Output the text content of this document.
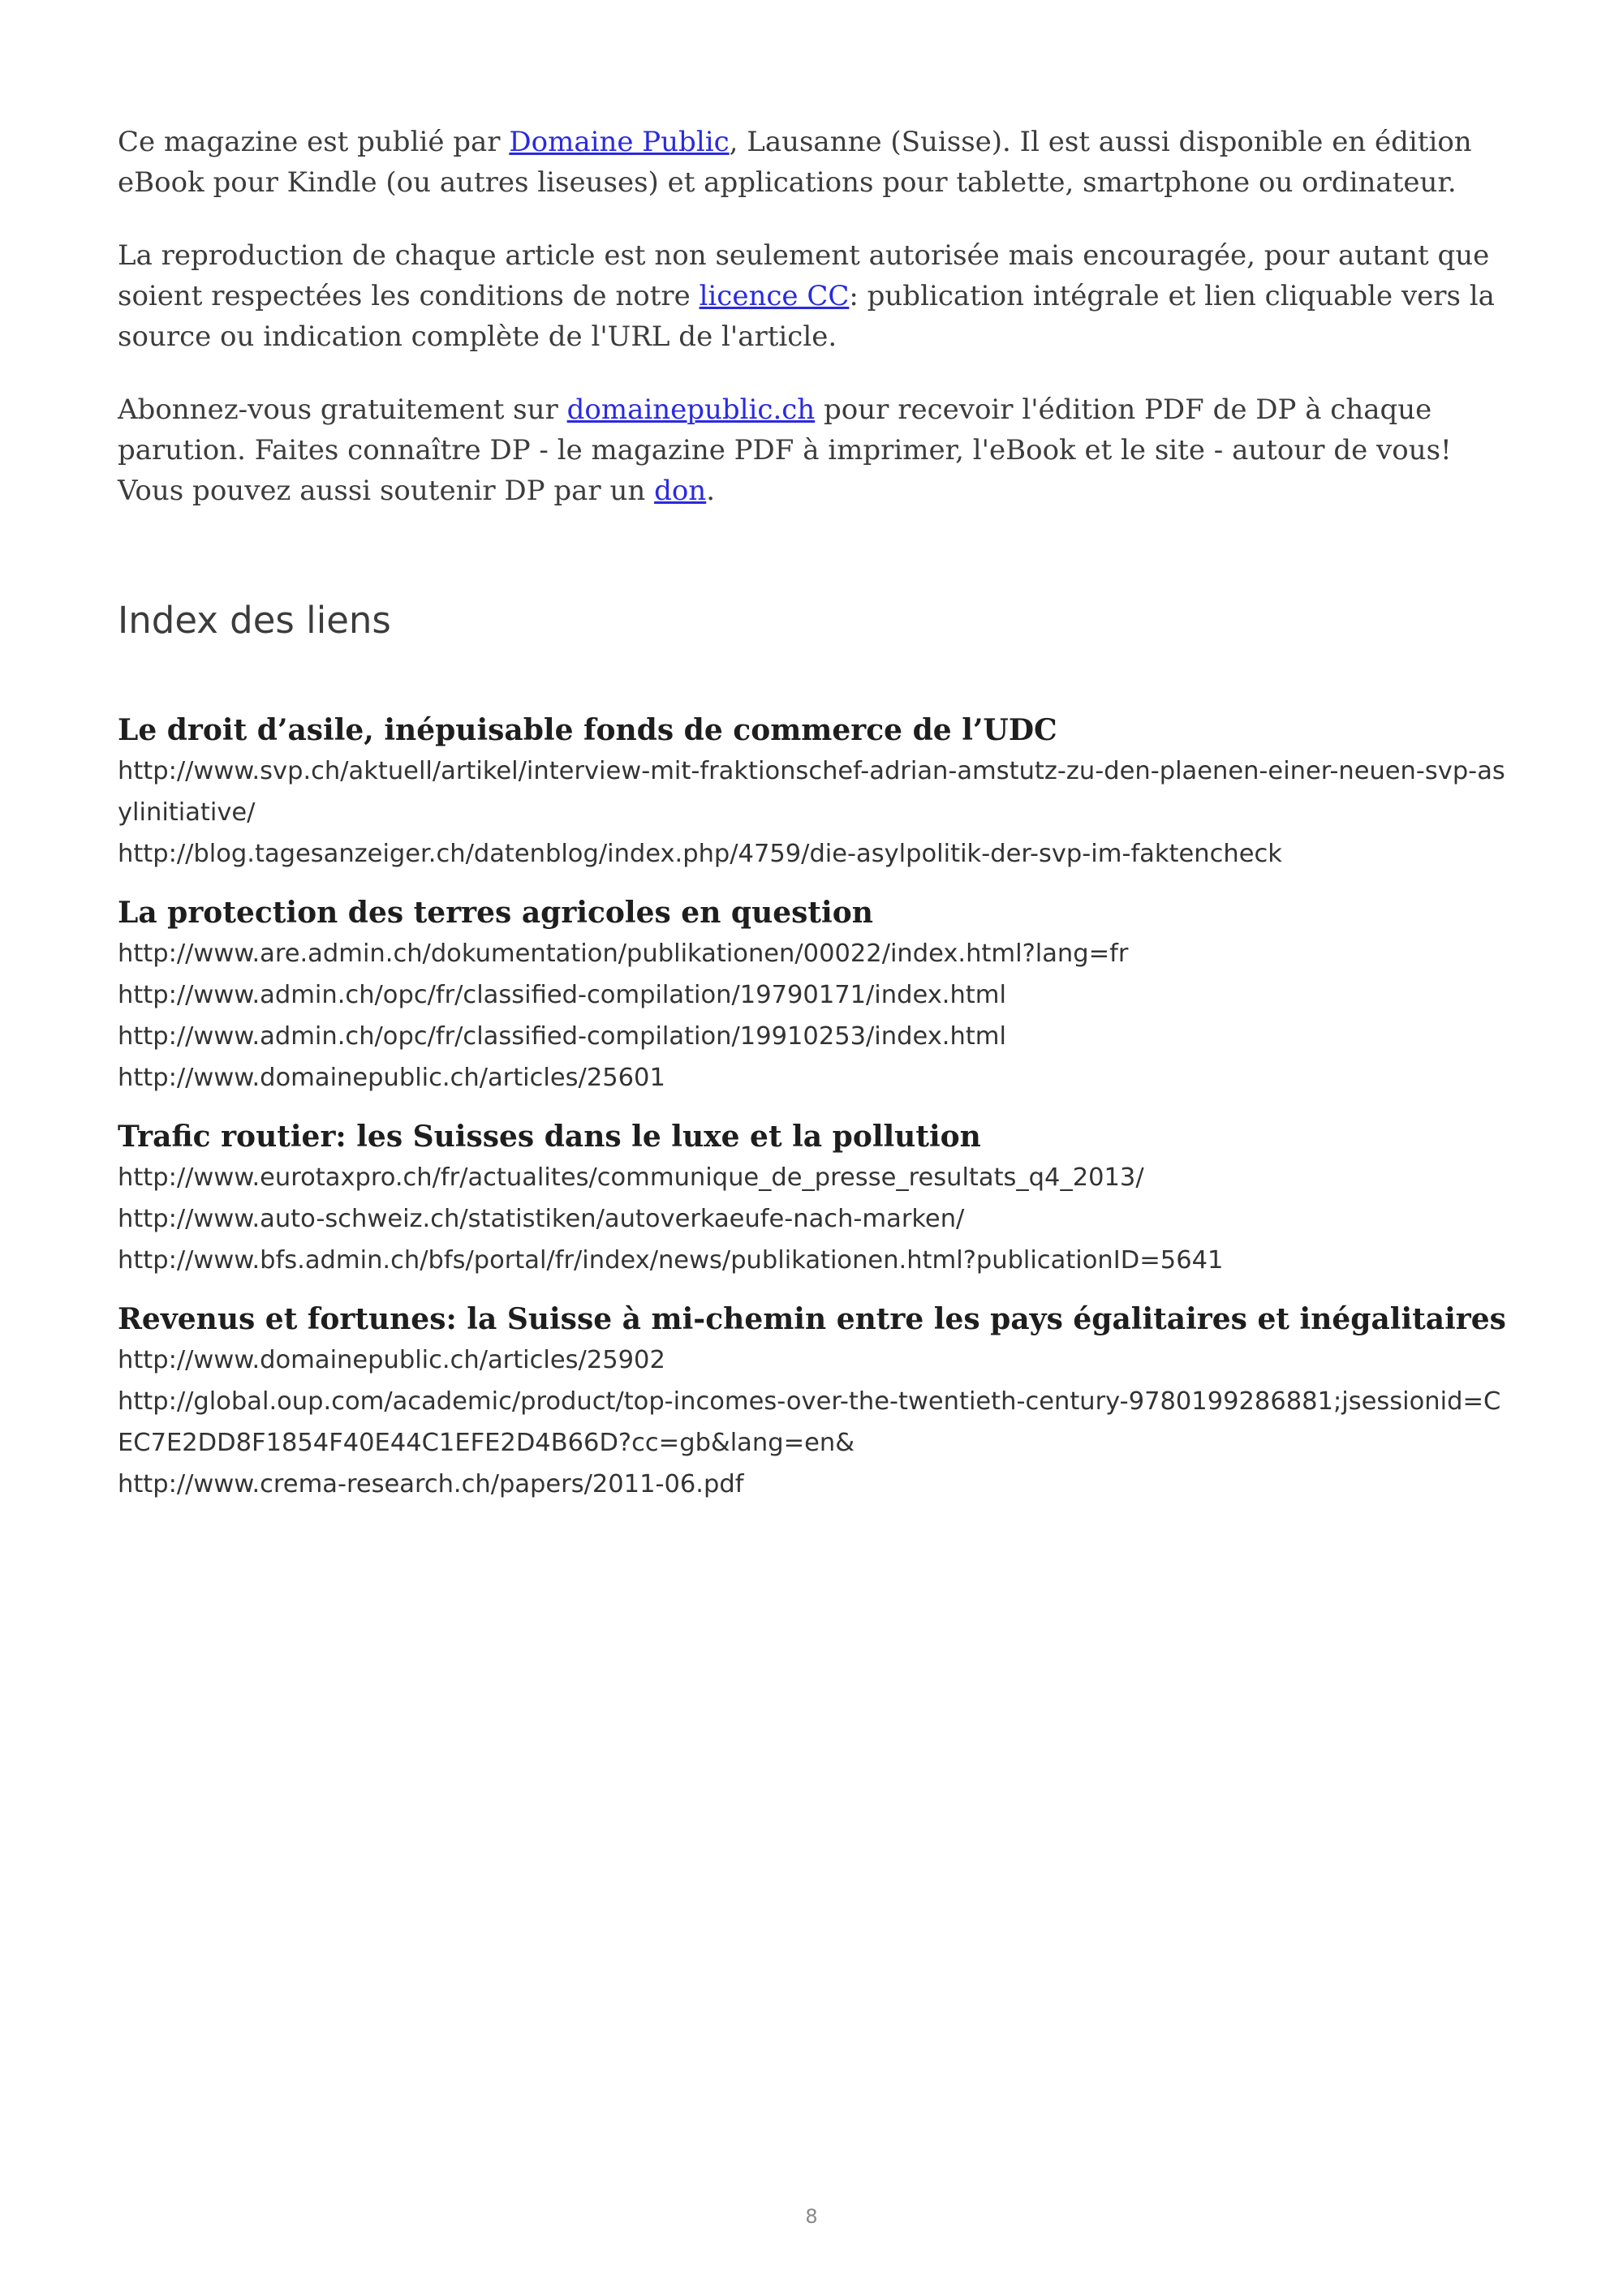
Ce magazine est publié par Domaine Public, Lausanne (Suisse). Il est aussi disponible en édition eBook pour Kindle (ou autres liseuses) et applications pour tablette, smartphone ou ordinateur.

La reproduction de chaque article est non seulement autorisée mais encouragée, pour autant que soient respectées les conditions de notre licence CC: publication intégrale et lien cliquable vers la source ou indication complète de l'URL de l'article.

Abonnez-vous gratuitement sur domainepublic.ch pour recevoir l'édition PDF de DP à chaque parution. Faites connaître DP - le magazine PDF à imprimer, l'eBook et le site - autour de vous! Vous pouvez aussi soutenir DP par un don.

Index des liens
Le droit d’asile, inépuisable fonds de commerce de l’UDC
http://www.svp.ch/aktuell/artikel/interview-mit-fraktionschef-adrian-amstutz-zu-den-plaenen-einer-neuen-svp-asylinitiative/
http://blog.tagesanzeiger.ch/datenblog/index.php/4759/die-asylpolitik-der-svp-im-faktencheck
La protection des terres agricoles en question
http://www.are.admin.ch/dokumentation/publikationen/00022/index.html?lang=fr
http://www.admin.ch/opc/fr/classified-compilation/19790171/index.html
http://www.admin.ch/opc/fr/classified-compilation/19910253/index.html
http://www.domainepublic.ch/articles/25601
Trafic routier: les Suisses dans le luxe et la pollution
http://www.eurotaxpro.ch/fr/actualites/communique_de_presse_resultats_q4_2013/
http://www.auto-schweiz.ch/statistiken/autoverkaeufe-nach-marken/
http://www.bfs.admin.ch/bfs/portal/fr/index/news/publikationen.html?publicationID=5641
Revenus et fortunes: la Suisse à mi-chemin entre les pays égalitaires et inégalitaires
http://www.domainepublic.ch/articles/25902
http://global.oup.com/academic/product/top-incomes-over-the-twentieth-century-9780199286881;jsessionid=CEC7E2DD8F1854F40E44C1EFE2D4B66D?cc=gb&lang=en&
http://www.crema-research.ch/papers/2011-06.pdf
8
